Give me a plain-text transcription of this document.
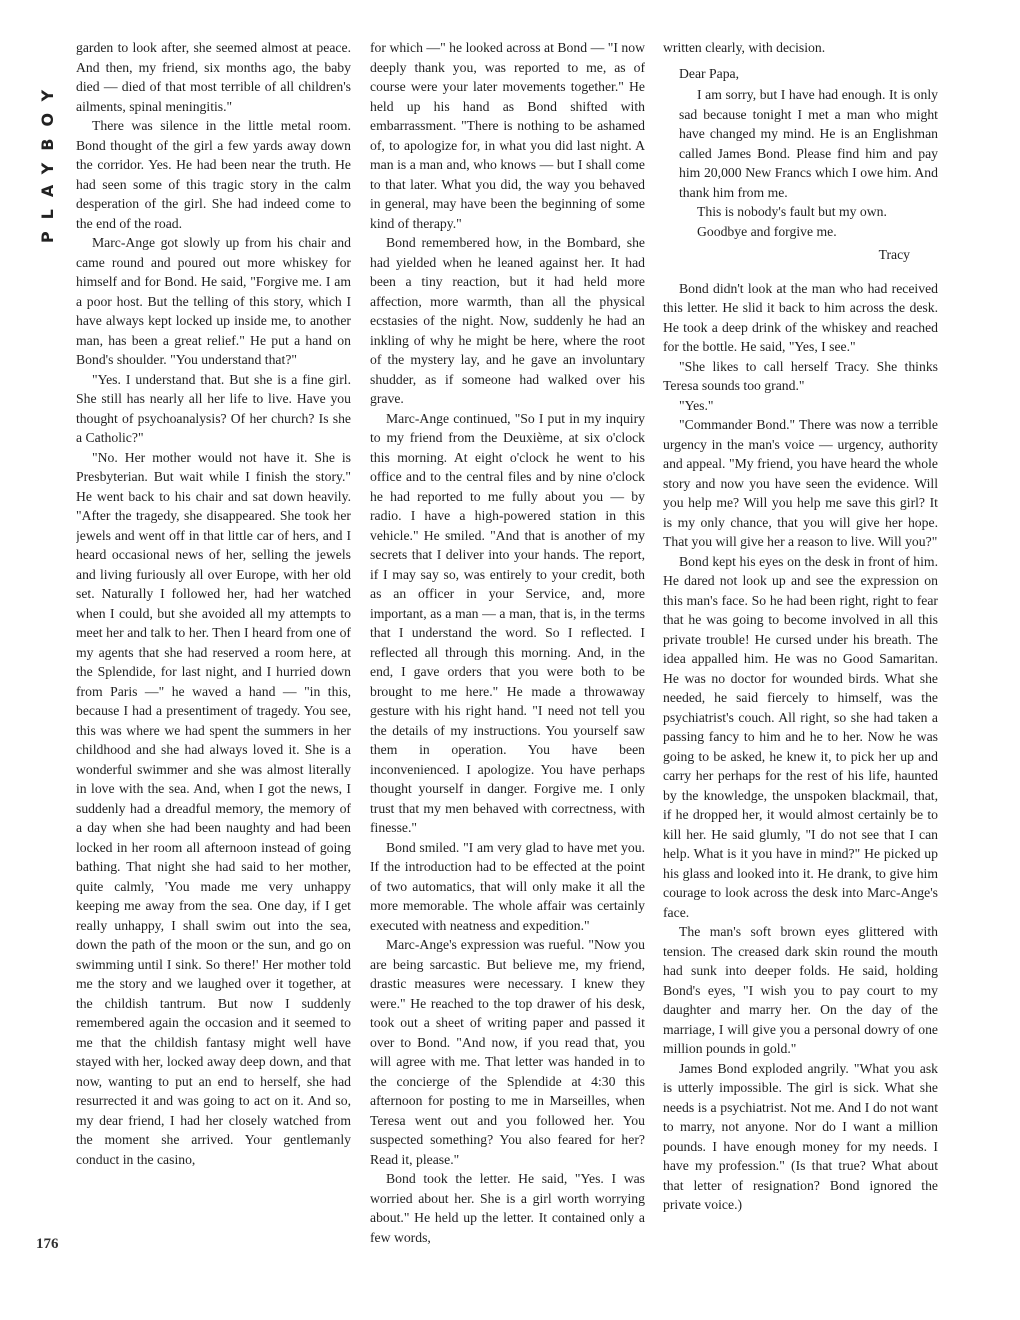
PLAYBOY

garden to look after, she seemed almost at peace. And then, my friend, six months ago, the baby died — died of that most terrible of all children's ailments, spinal meningitis."

There was silence in the little metal room. Bond thought of the girl a few yards away down the corridor. Yes. He had been near the truth. He had seen some of this tragic story in the calm desperation of the girl. She had indeed come to the end of the road.

Marc-Ange got slowly up from his chair and came round and poured out more whiskey for himself and for Bond. He said, "Forgive me. I am a poor host. But the telling of this story, which I have always kept locked up inside me, to another man, has been a great relief." He put a hand on Bond's shoulder. "You understand that?"

"Yes. I understand that. But she is a fine girl. She still has nearly all her life to live. Have you thought of psychoanalysis? Of her church? Is she a Catholic?"

"No. Her mother would not have it. She is Presbyterian. But wait while I finish the story." He went back to his chair and sat down heavily. "After the tragedy, she disappeared. She took her jewels and went off in that little car of hers, and I heard occasional news of her, selling the jewels and living furiously all over Europe, with her old set. Naturally I followed her, had her watched when I could, but she avoided all my attempts to meet her and talk to her. Then I heard from one of my agents that she had reserved a room here, at the Splendide, for last night, and I hurried down from Paris —" he waved a hand — "in this, because I had a presentiment of tragedy. You see, this was where we had spent the summers in her childhood and she had always loved it. She is a wonderful swimmer and she was almost literally in love with the sea. And, when I got the news, I suddenly had a dreadful memory, the memory of a day when she had been naughty and had been locked in her room all afternoon instead of going bathing. That night she had said to her mother, quite calmly, 'You made me very unhappy keeping me away from the sea. One day, if I get really unhappy, I shall swim out into the sea, down the path of the moon or the sun, and go on swimming until I sink. So there!' Her mother told me the story and we laughed over it together, at the childish tantrum. But now I suddenly remembered again the occasion and it seemed to me that the childish fantasy might well have stayed with her, locked away deep down, and that now, wanting to put an end to herself, she had resurrected it and was going to act on it. And so, my dear friend, I had her closely watched from the moment she arrived. Your gentlemanly conduct in the casino,

for which —" he looked across at Bond — "I now deeply thank you, was reported to me, as of course were your later movements together." He held up his hand as Bond shifted with embarrassment. "There is nothing to be ashamed of, to apologize for, in what you did last night. A man is a man and, who knows — but I shall come to that later. What you did, the way you behaved in general, may have been the beginning of some kind of therapy."

Bond remembered how, in the Bombard, she had yielded when he leaned against her. It had been a tiny reaction, but it had held more affection, more warmth, than all the physical ecstasies of the night. Now, suddenly he had an inkling of why he might be here, where the root of the mystery lay, and he gave an involuntary shudder, as if someone had walked over his grave.

Marc-Ange continued, "So I put in my inquiry to my friend from the Deuxième, at six o'clock this morning. At eight o'clock he went to his office and to the central files and by nine o'clock he had reported to me fully about you — by radio. I have a high-powered station in this vehicle." He smiled. "And that is another of my secrets that I deliver into your hands. The report, if I may say so, was entirely to your credit, both as an officer in your Service, and, more important, as a man — a man, that is, in the terms that I understand the word. So I reflected. I reflected all through this morning. And, in the end, I gave orders that you were both to be brought to me here." He made a throwaway gesture with his right hand. "I need not tell you the details of my instructions. You yourself saw them in operation. You have been inconvenienced. I apologize. You have perhaps thought yourself in danger. Forgive me. I only trust that my men behaved with correctness, with finesse."

Bond smiled. "I am very glad to have met you. If the introduction had to be effected at the point of two automatics, that will only make it all the more memorable. The whole affair was certainly executed with neatness and expedition."

Marc-Ange's expression was rueful. "Now you are being sarcastic. But believe me, my friend, drastic measures were necessary. I knew they were." He reached to the top drawer of his desk, took out a sheet of writing paper and passed it over to Bond. "And now, if you read that, you will agree with me. That letter was handed in to the concierge of the Splendide at 4:30 this afternoon for posting to me in Marseilles, when Teresa went out and you followed her. You suspected something? You also feared for her? Read it, please."

Bond took the letter. He said, "Yes. I was worried about her. She is a girl worth worrying about." He held up the letter. It contained only a few words,

written clearly, with decision.

Dear Papa,

I am sorry, but I have had enough. It is only sad because tonight I met a man who might have changed my mind. He is an Englishman called James Bond. Please find him and pay him 20,000 New Francs which I owe him. And thank him from me.

This is nobody's fault but my own.

Goodbye and forgive me.

Tracy

Bond didn't look at the man who had received this letter. He slid it back to him across the desk. He took a deep drink of the whiskey and reached for the bottle. He said, "Yes, I see."

"She likes to call herself Tracy. She thinks Teresa sounds too grand."

"Yes."

"Commander Bond." There was now a terrible urgency in the man's voice — urgency, authority and appeal. "My friend, you have heard the whole story and now you have seen the evidence. Will you help me? Will you help me save this girl? It is my only chance, that you will give her hope. That you will give her a reason to live. Will you?"

Bond kept his eyes on the desk in front of him. He dared not look up and see the expression on this man's face. So he had been right, right to fear that he was going to become involved in all this private trouble! He cursed under his breath. The idea appalled him. He was no Good Samaritan. He was no doctor for wounded birds. What she needed, he said fiercely to himself, was the psychiatrist's couch. All right, so she had taken a passing fancy to him and he to her. Now he was going to be asked, he knew it, to pick her up and carry her perhaps for the rest of his life, haunted by the knowledge, the unspoken blackmail, that, if he dropped her, it would almost certainly be to kill her. He said glumly, "I do not see that I can help. What is it you have in mind?" He picked up his glass and looked into it. He drank, to give him courage to look across the desk into Marc-Ange's face.

The man's soft brown eyes glittered with tension. The creased dark skin round the mouth had sunk into deeper folds. He said, holding Bond's eyes, "I wish you to pay court to my daughter and marry her. On the day of the marriage, I will give you a personal dowry of one million pounds in gold."

James Bond exploded angrily. "What you ask is utterly impossible. The girl is sick. What she needs is a psychiatrist. Not me. And I do not want to marry, not anyone. Nor do I want a million pounds. I have enough money for my needs. I have my profession." (Is that true? What about that letter of resignation? Bond ignored the private voice.)

176
